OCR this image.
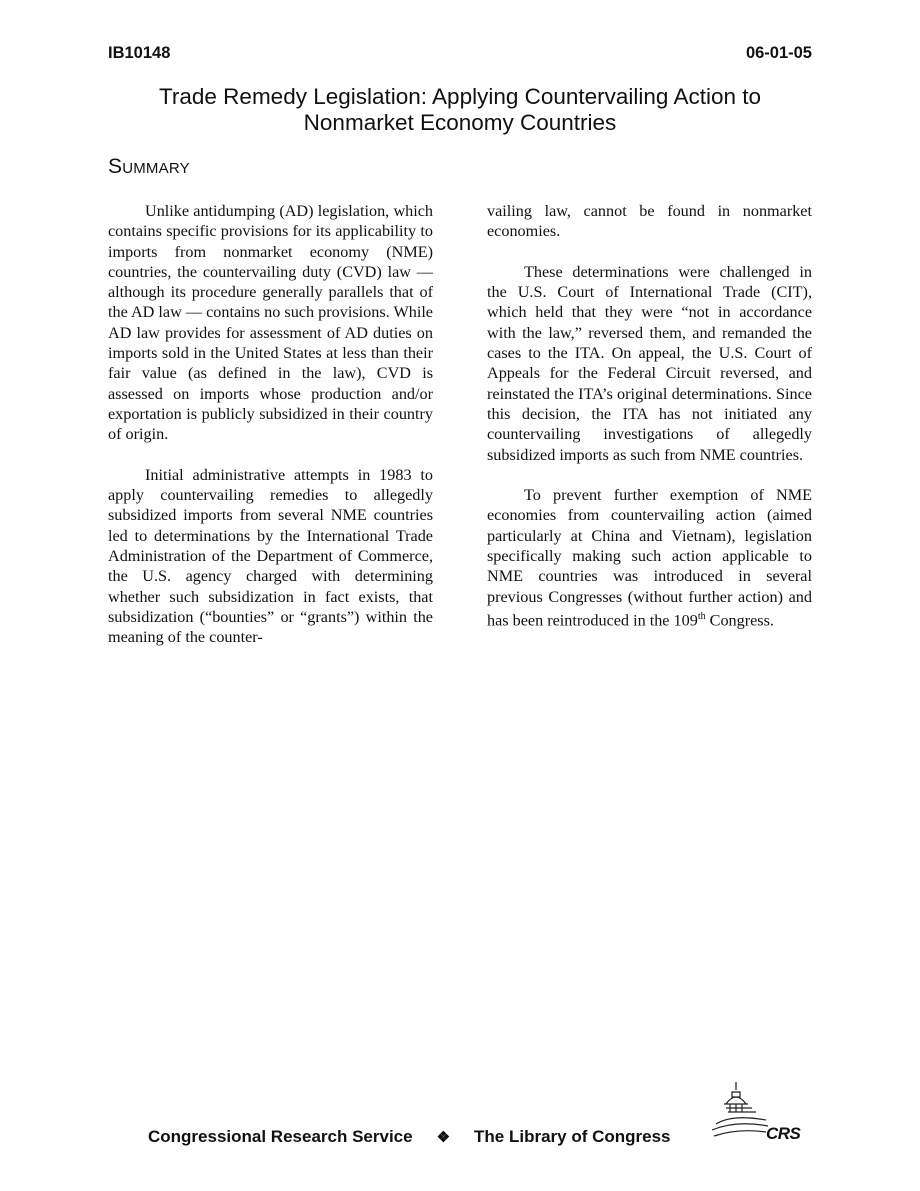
IB10148	06-01-05
Trade Remedy Legislation: Applying Countervailing Action to
Nonmarket Economy Countries
Summary

Unlike antidumping (AD) legislation, which contains specific provisions for its applicability to imports from nonmarket economy (NME) countries, the countervailing duty (CVD) law — although its procedure generally parallels that of the AD law — contains no such provisions. While AD law provides for assessment of AD duties on imports sold in the United States at less than their fair value (as defined in the law), CVD is assessed on imports whose production and/or exportation is publicly subsidized in their country of origin.

Initial administrative attempts in 1983 to apply countervailing remedies to allegedly subsidized imports from several NME countries led to determinations by the International Trade Administration of the Department of Commerce, the U.S. agency charged with determining whether such subsidization in fact exists, that subsidization (“bounties” or “grants”) within the meaning of the counter-

vailing law, cannot be found in nonmarket economies.

These determinations were challenged in the U.S. Court of International Trade (CIT), which held that they were “not in accordance with the law,” reversed them, and remanded the cases to the ITA. On appeal, the U.S. Court of Appeals for the Federal Circuit reversed, and reinstated the ITA’s original determinations. Since this decision, the ITA has not initiated any countervailing investigations of allegedly subsidized imports as such from NME countries.

To prevent further exemption of NME economies from countervailing action (aimed particularly at China and Vietnam), legislation specifically making such action applicable to NME countries was introduced in several previous Congresses (without further action) and has been reintroduced in the 109th Congress.

Congressional Research Service ❖ The Library of Congress	CRS
